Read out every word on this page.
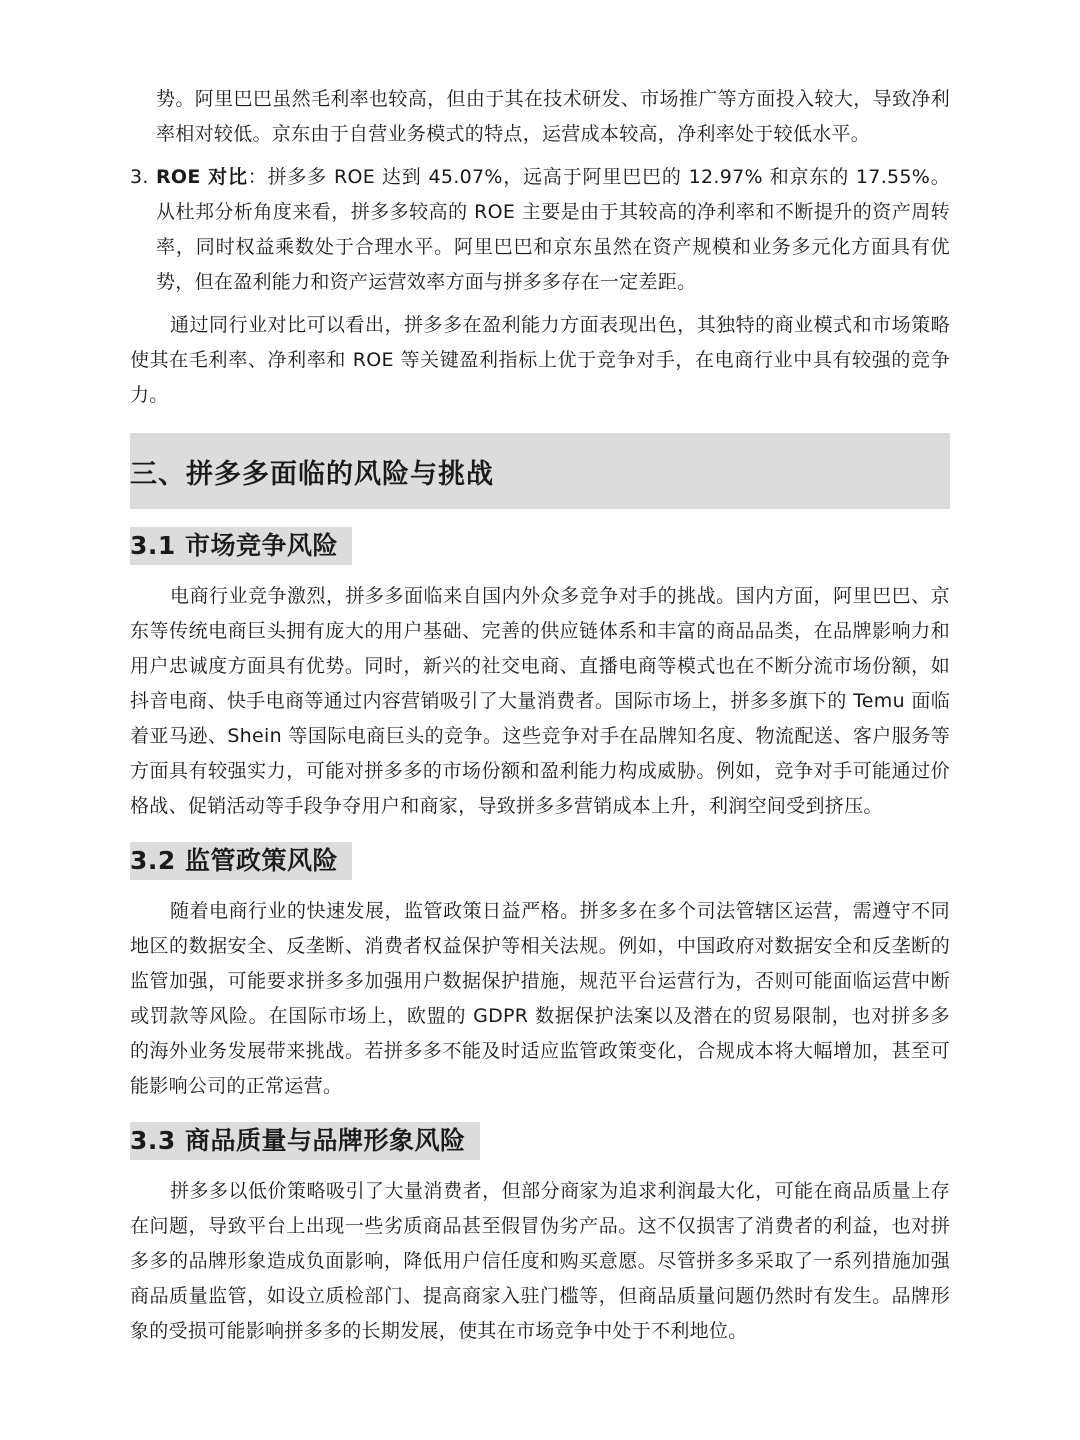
势。阿里巴巴虽然毛利率也较高，但由于其在技术研发、市场推广等方面投入较大，导致净利率相对较低。京东由于自营业务模式的特点，运营成本较高，净利率处于较低水平。

3. ROE 对比：拼多多 ROE 达到 45.07%，远高于阿里巴巴的 12.97% 和京东的 17.55%。从杜邦分析角度来看，拼多多较高的 ROE 主要是由于其较高的净利率和不断提升的资产周转率，同时权益乘数处于合理水平。阿里巴巴和京东虽然在资产规模和业务多元化方面具有优势，但在盈利能力和资产运营效率方面与拼多多存在一定差距。

通过同行业对比可以看出，拼多多在盈利能力方面表现出色，其独特的商业模式和市场策略使其在毛利率、净利率和 ROE 等关键盈利指标上优于竞争对手，在电商行业中具有较强的竞争力。

三、拼多多面临的风险与挑战
3.1 市场竞争风险

电商行业竞争激烈，拼多多面临来自国内外众多竞争对手的挑战。国内方面，阿里巴巴、京东等传统电商巨头拥有庞大的用户基础、完善的供应链体系和丰富的商品品类，在品牌影响力和用户忠诚度方面具有优势。同时，新兴的社交电商、直播电商等模式也在不断分流市场份额，如抖音电商、快手电商等通过内容营销吸引了大量消费者。国际市场上，拼多多旗下的 Temu 面临着亚马逊、Shein 等国际电商巨头的竞争。这些竞争对手在品牌知名度、物流配送、客户服务等方面具有较强实力，可能对拼多多的市场份额和盈利能力构成威胁。例如，竞争对手可能通过价格战、促销活动等手段争夺用户和商家，导致拼多多营销成本上升，利润空间受到挤压。

3.2 监管政策风险

随着电商行业的快速发展，监管政策日益严格。拼多多在多个司法管辖区运营，需遵守不同地区的数据安全、反垄断、消费者权益保护等相关法规。例如，中国政府对数据安全和反垄断的监管加强，可能要求拼多多加强用户数据保护措施，规范平台运营行为，否则可能面临运营中断或罚款等风险。在国际市场上，欧盟的 GDPR 数据保护法案以及潜在的贸易限制，也对拼多多的海外业务发展带来挑战。若拼多多不能及时适应监管政策变化，合规成本将大幅增加，甚至可能影响公司的正常运营。

3.3 商品质量与品牌形象风险

拼多多以低价策略吸引了大量消费者，但部分商家为追求利润最大化，可能在商品质量上存在问题，导致平台上出现一些劣质商品甚至假冒伪劣产品。这不仅损害了消费者的利益，也对拼多多的品牌形象造成负面影响，降低用户信任度和购买意愿。尽管拼多多采取了一系列措施加强商品质量监管，如设立质检部门、提高商家入驻门槛等，但商品质量问题仍然时有发生。品牌形象的受损可能影响拼多多的长期发展，使其在市场竞争中处于不利地位。
